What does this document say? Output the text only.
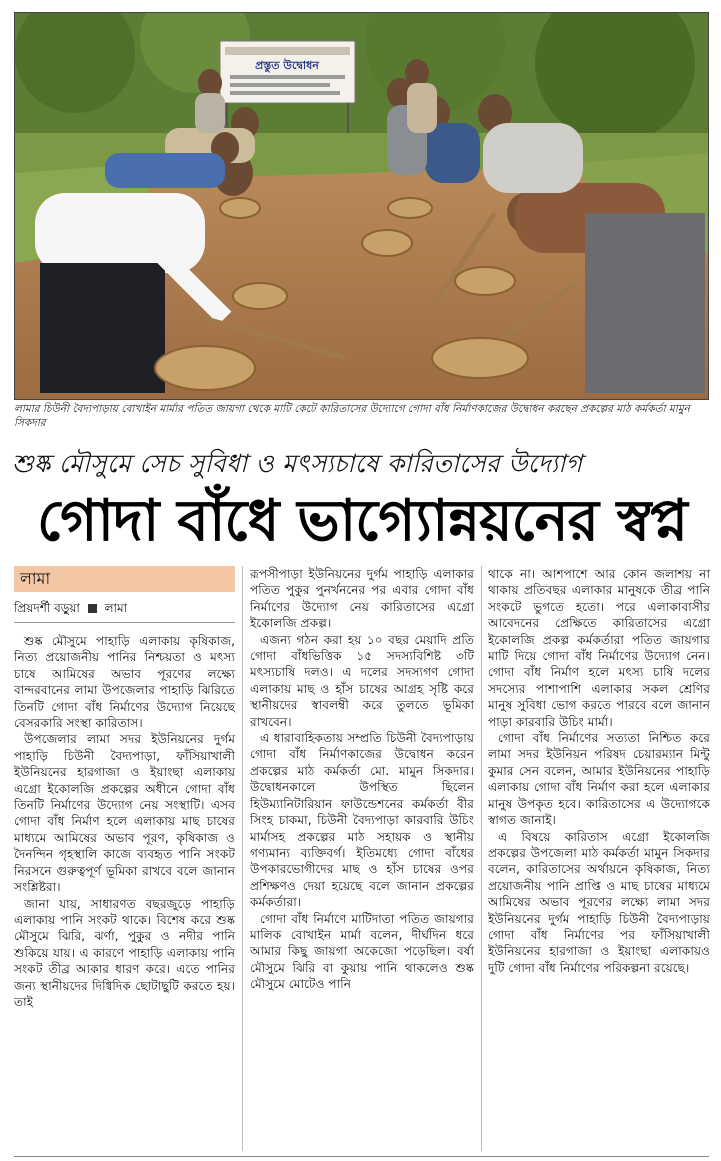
প্রস্তুত উদ্বোধন
লামার চিউনী বৈদ্যপাড়ায় বোখাইন মার্মার পতিত জায়গা থেকে মাটি কেটে কারিতাসের উদ্যোগে গোদা বাঁধ নির্মাণকাজের উদ্বোধন করছেন প্রকল্পের মাঠ কর্মকর্তা মামুন সিকদার
শুষ্ক মৌসুমে সেচ সুবিধা ও মৎস্যচাষে কারিতাসের উদ্যোগ
গোদা বাঁধে ভাগ্যোন্নয়নের স্বপ্ন
লামা
প্রিয়দর্শী বড়ুয়া লামা

শুষ্ক মৌসুমে পাহাড়ি এলাকায় কৃষিকাজ, নিত্য প্রয়োজনীয় পানির নিশ্চয়তা ও মৎস্য চাষে আমিষের অভাব পূরণের লক্ষ্যে বান্দরবানের লামা উপজেলার পাহাড়ি ঝিরিতে তিনটি গোদা বাঁধ নির্মাণের উদ্যোগ নিয়েছে বেসরকারি সংস্থা কারিতাস।

উপজেলার লামা সদর ইউনিয়নের দুর্গম পাহাড়ি চিউনী বৈদ্যপাড়া, ফাঁসিয়াখালী ইউনিয়নের হারগাজা ও ইয়াংছা এলাকায় এগ্রো ইকোলজি প্রকল্পের অধীনে গোদা বাঁধ তিনটি নির্মাণের উদ্যোগ নেয় সংস্থাটি। এসব গোদা বাঁধ নির্মাণ হলে এলাকায় মাছ চাষের মাধ্যমে আমিষের অভাব পূরণ, কৃষিকাজ ও দৈনন্দিন গৃহস্থালি কাজে ব্যবহৃত পানি সংকট নিরসনে গুরুত্বপূর্ণ ভূমিকা রাখবে বলে জানান সংশ্লিষ্টরা।

জানা যায়, সাধারণত বছরজুড়ে পাহাড়ি এলাকায় পানি সংকট থাকে। বিশেষ করে শুষ্ক মৌসুমে ঝিরি, ঝর্ণা, পুকুর ও নদীর পানি শুকিয়ে যায়। এ কারণে পাহাড়ি এলাকায় পানি সংকট তীব্র আকার ধারণ করে। এতে পানির জন্য স্থানীয়দের দিগ্বিদিক ছোটাছুটি করতে হয়। তাই

রূপসীপাড়া ইউনিয়নের দুর্গম পাহাড়ি এলাকার পতিত পুকুর পুনর্খননের পর এবার গোদা বাঁধ নির্মাণের উদ্যোগ নেয় কারিতাসের এগ্রো ইকোলজি প্রকল্প।

এজন্য গঠন করা হয় ১০ বছর মেয়াদি প্রতি গোদা বাঁধভিত্তিক ১৫ সদস্যবিশিষ্ট ৩টি মৎস্যচাষি দলও। এ দলের সদস্যগণ গোদা এলাকায় মাছ ও হাঁস চাষের আগ্রহ সৃষ্টি করে স্থানীয়দের স্বাবলম্বী করে তুলতে ভূমিকা রাখবেন।

এ ধারাবাহিকতায় সম্প্রতি চিউনী বৈদ্যপাড়ায় গোদা বাঁধ নির্মাণকাজের উদ্বোধন করেন প্রকল্পের মাঠ কর্মকর্তা মো. মামুন সিকদার। উদ্বোধনকালে উপস্থিত ছিলেন হিউম্যানিটারিয়ান ফাউন্ডেশনের কর্মকর্তা বীর সিংহ চাকমা, চিউনী বৈদ্যপাড়া কারবারি উচিং মার্মাসহ প্রকল্পের মাঠ সহায়ক ও স্থানীয় গণ্যমান্য ব্যক্তিবর্গ। ইতিমধ্যে গোদা বাঁধের উপকারভোগীদের মাছ ও হাঁস চাষের ওপর প্রশিক্ষণও দেয়া হয়েছে বলে জানান প্রকল্পের কর্মকর্তারা।

গোদা বাঁধ নির্মাণে মাটিদাতা পতিত জায়গার মালিক বোখাইন মার্মা বলেন, দীর্ঘদিন ধরে আমার কিছু জায়গা অকেজো পড়েছিল। বর্ষা মৌসুমে ঝিরি বা কুয়ায় পানি থাকলেও শুষ্ক মৌসুমে মোটেও পানি

থাকে না। আশপাশে আর কোন জলাশয় না থাকায় প্রতিবছর এলাকার মানুষকে তীব্র পানি সংকটে ভুগতে হতো। পরে এলাকাবাসীর আবেদনের প্রেক্ষিতে কারিতাসের এগ্রো ইকোলজি প্রকল্প কর্মকর্তারা পতিত জায়গার মাটি দিয়ে গোদা বাঁধ নির্মাণের উদ্যোগ নেন। গোদা বাঁধ নির্মাণ হলে মৎস্য চাষি দলের সদস্যের পাশাপাশি এলাকার সকল শ্রেণির মানুষ সুবিধা ভোগ করতে পারবে বলে জানান পাড়া কারবারি উচিং মার্মা।

গোদা বাঁধ নির্মাণের সত্যতা নিশ্চিত করে লামা সদর ইউনিয়ন পরিষদ চেয়ারম্যান মিন্টু কুমার সেন বলেন, আমার ইউনিয়নের পাহাড়ি এলাকায় গোদা বাঁধ নির্মাণ করা হলে এলাকার মানুষ উপকৃত হবে। কারিতাসের এ উদ্যোগকে স্বাগত জানাই।

এ বিষয়ে কারিতাস এগ্রো ইকোলজি প্রকল্পের উপজেলা মাঠ কর্মকর্তা মামুন সিকদার বলেন, কারিতাসের অর্থায়নে কৃষিকাজ, নিত্য প্রয়োজনীয় পানি প্রাপ্তি ও মাছ চাষের মাধ্যমে আমিষের অভাব পূরণের লক্ষ্যে লামা সদর ইউনিয়নের দুর্গম পাহাড়ি চিউনী বৈদ্যপাড়ায় গোদা বাঁধ নির্মাণের পর ফাঁসিয়াখালী ইউনিয়নের হারগাজা ও ইয়াংছা এলাকায়ও দুটি গোদা বাঁধ নির্মাণের পরিকল্পনা রয়েছে।
